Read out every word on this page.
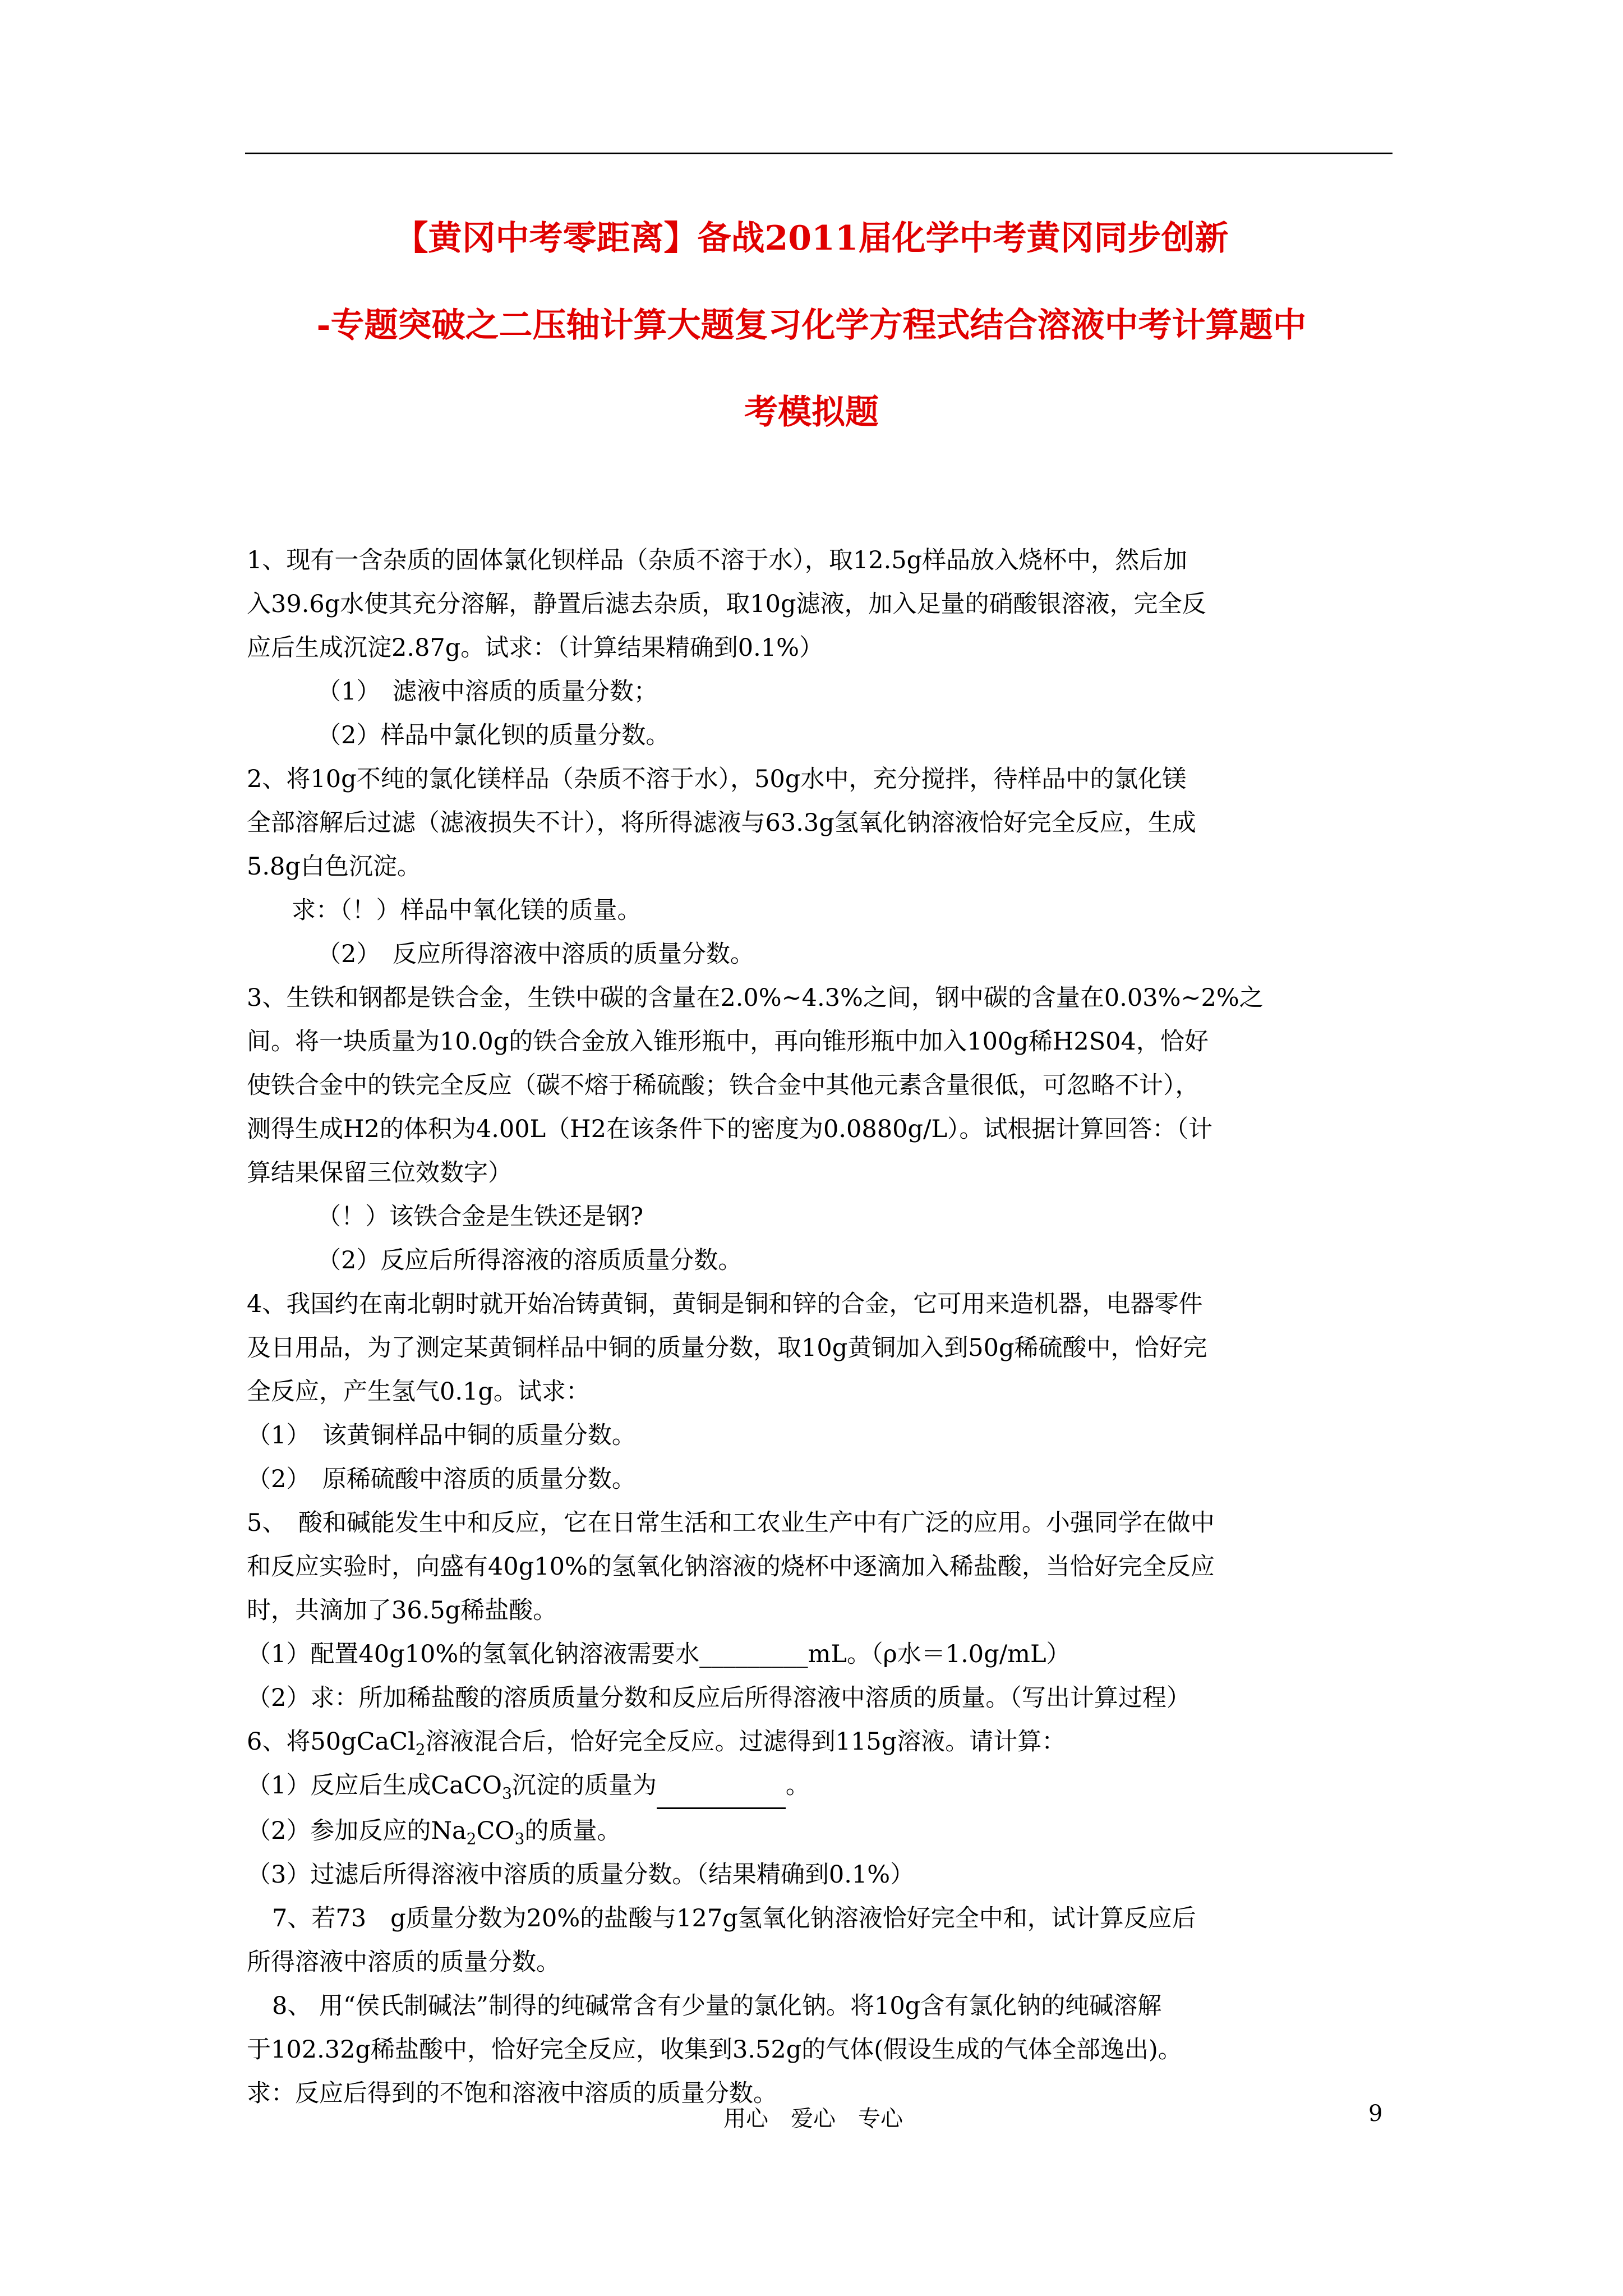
【黄冈中考零距离】备战2011届化学中考黄冈同步创新
-专题突破之二压轴计算大题复习化学方程式结合溶液中考计算题中
考模拟题

1、现有一含杂质的固体氯化钡样品（杂质不溶于水），取12.5g样品放入烧杯中，然后加

入39.6g水使其充分溶解，静置后滤去杂质，取10g滤液，加入足量的硝酸银溶液，完全反

应后生成沉淀2.87g。试求：（计算结果精确到0.1%）

（1）　滤液中溶质的质量分数；

（2）样品中氯化钡的质量分数。

2、将10g不纯的氯化镁样品（杂质不溶于水），50g水中，充分搅拌，待样品中的氯化镁

全部溶解后过滤（滤液损失不计），将所得滤液与63.3g氢氧化钠溶液恰好完全反应，生成

5.8g白色沉淀。

求：（！）样品中氧化镁的质量。

（2）　反应所得溶液中溶质的质量分数。

3、生铁和钢都是铁合金，生铁中碳的含量在2.0%~4.3%之间，钢中碳的含量在0.03%~2%之

间。将一块质量为10.0g的铁合金放入锥形瓶中，再向锥形瓶中加入100g稀H2S04，恰好

使铁合金中的铁完全反应（碳不熔于稀硫酸；铁合金中其他元素含量很低，可忽略不计），

测得生成H2的体积为4.00L（H2在该条件下的密度为0.0880g/L）。试根据计算回答：（计

算结果保留三位效数字）

（！）该铁合金是生铁还是钢?

（2）反应后所得溶液的溶质质量分数。

4、我国约在南北朝时就开始冶铸黄铜，黄铜是铜和锌的合金，它可用来造机器，电器零件

及日用品，为了测定某黄铜样品中铜的质量分数，取10g黄铜加入到50g稀硫酸中，恰好完

全反应，产生氢气0.1g。试求：

（1）　该黄铜样品中铜的质量分数。

（2）　原稀硫酸中溶质的质量分数。

5、　酸和碱能发生中和反应，它在日常生活和工农业生产中有广泛的应用。小强同学在做中

和反应实验时，向盛有40g10%的氢氧化钠溶液的烧杯中逐滴加入稀盐酸，当恰好完全反应

时，共滴加了36.5g稀盐酸。

（1）配置40g10%的氢氧化钠溶液需要水_________mL。（ρ水＝1.0g/mL）

（2）求：所加稀盐酸的溶质质量分数和反应后所得溶液中溶质的质量。（写出计算过程）

6、将50gCaCl$_2$溶液混合后，恰好完全反应。过滤得到115g溶液。请计算：

（1）反应后生成CaCO$_3$沉淀的质量为	。

（2）参加反应的$Na_2CO_3$的质量。

（3）过滤后所得溶液中溶质的质量分数。（结果精确到0.1%）

7、若73　g质量分数为20%的盐酸与127g氢氧化钠溶液恰好完全中和，试计算反应后

所得溶液中溶质的质量分数。

8、 用“侯氏制碱法”制得的纯碱常含有少量的氯化钠。将10g含有氯化钠的纯碱溶解

于102.32g稀盐酸中，恰好完全反应，收集到3.52g的气体(假设生成的气体全部逸出)。

求：反应后得到的不饱和溶液中溶质的质量分数。

用心　爱心　专心	9
